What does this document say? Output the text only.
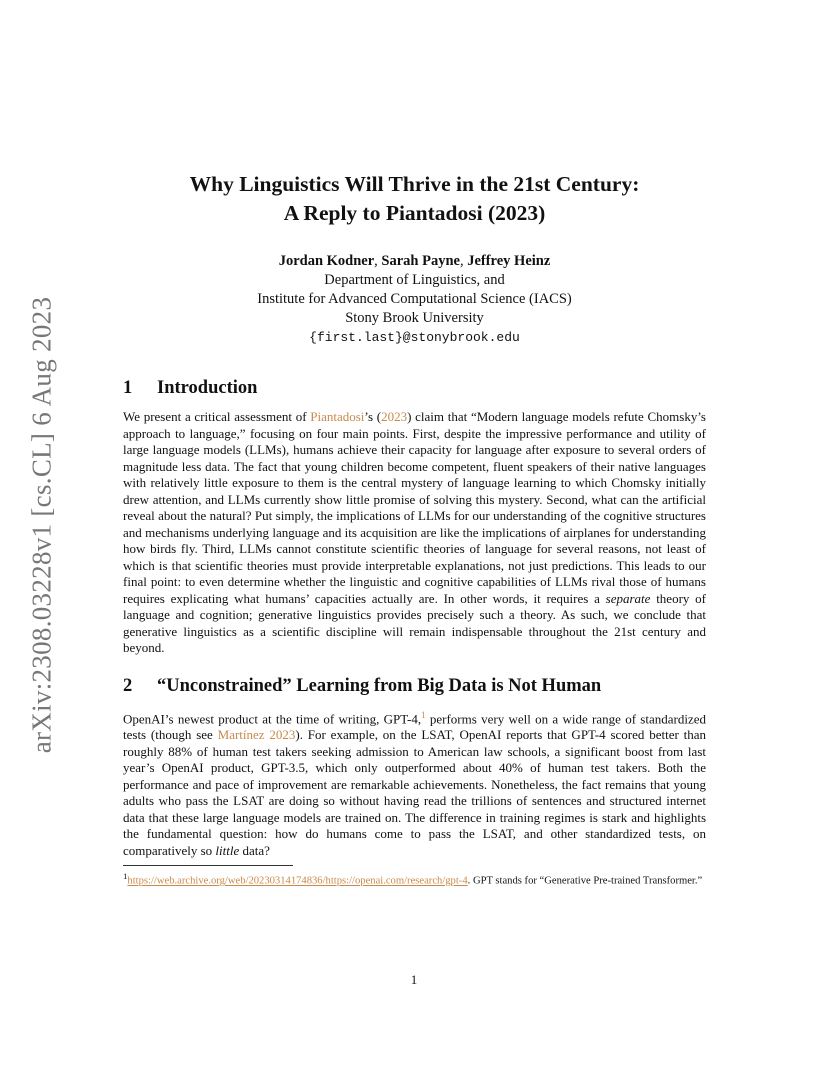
arXiv:2308.03228v1 [cs.CL] 6 Aug 2023
Why Linguistics Will Thrive in the 21st Century:
A Reply to Piantadosi (2023)
Jordan Kodner, Sarah Payne, Jeffrey Heinz
Department of Linguistics, and
Institute for Advanced Computational Science (IACS)
Stony Brook University
{first.last}@stonybrook.edu
1 Introduction

We present a critical assessment of Piantadosi’s (2023) claim that “Modern language models refute Chomsky’s approach to language,” focusing on four main points. First, despite the impressive performance and utility of large language models (LLMs), humans achieve their capacity for language after exposure to several orders of magnitude less data. The fact that young children become competent, fluent speakers of their native languages with relatively little exposure to them is the central mystery of language learning to which Chomsky initially drew attention, and LLMs currently show little promise of solving this mystery. Second, what can the artificial reveal about the natural? Put simply, the implications of LLMs for our understanding of the cognitive structures and mechanisms underlying language and its acquisition are like the implications of airplanes for understanding how birds fly. Third, LLMs cannot constitute scientific theories of language for several reasons, not least of which is that scientific theories must provide interpretable explanations, not just predictions. This leads to our final point: to even determine whether the linguistic and cognitive capabilities of LLMs rival those of humans requires explicating what humans’ capacities actually are. In other words, it requires a separate theory of language and cognition; generative linguistics provides precisely such a theory. As such, we conclude that generative linguistics as a scientific discipline will remain indispensable throughout the 21st century and beyond.

2 “Unconstrained” Learning from Big Data is Not Human

OpenAI’s newest product at the time of writing, GPT-4,$^1$ performs very well on a wide range of standardized tests (though see Martínez 2023). For example, on the LSAT, OpenAI reports that GPT-4 scored better than roughly 88% of human test takers seeking admission to American law schools, a significant boost from last year’s OpenAI product, GPT-3.5, which only outperformed about 40% of human test takers. Both the performance and pace of improvement are remarkable achievements. Nonetheless, the fact remains that young adults who pass the LSAT are doing so without having read the trillions of sentences and structured internet data that these large language models are trained on. The difference in training regimes is stark and highlights the fundamental question: how do humans come to pass the LSAT, and other standardized tests, on comparatively so little data?

$^1$https://web.archive.org/web/20230314174836/https://openai.com/research/gpt-4. GPT stands for “Generative Pre-trained Transformer.”
1
